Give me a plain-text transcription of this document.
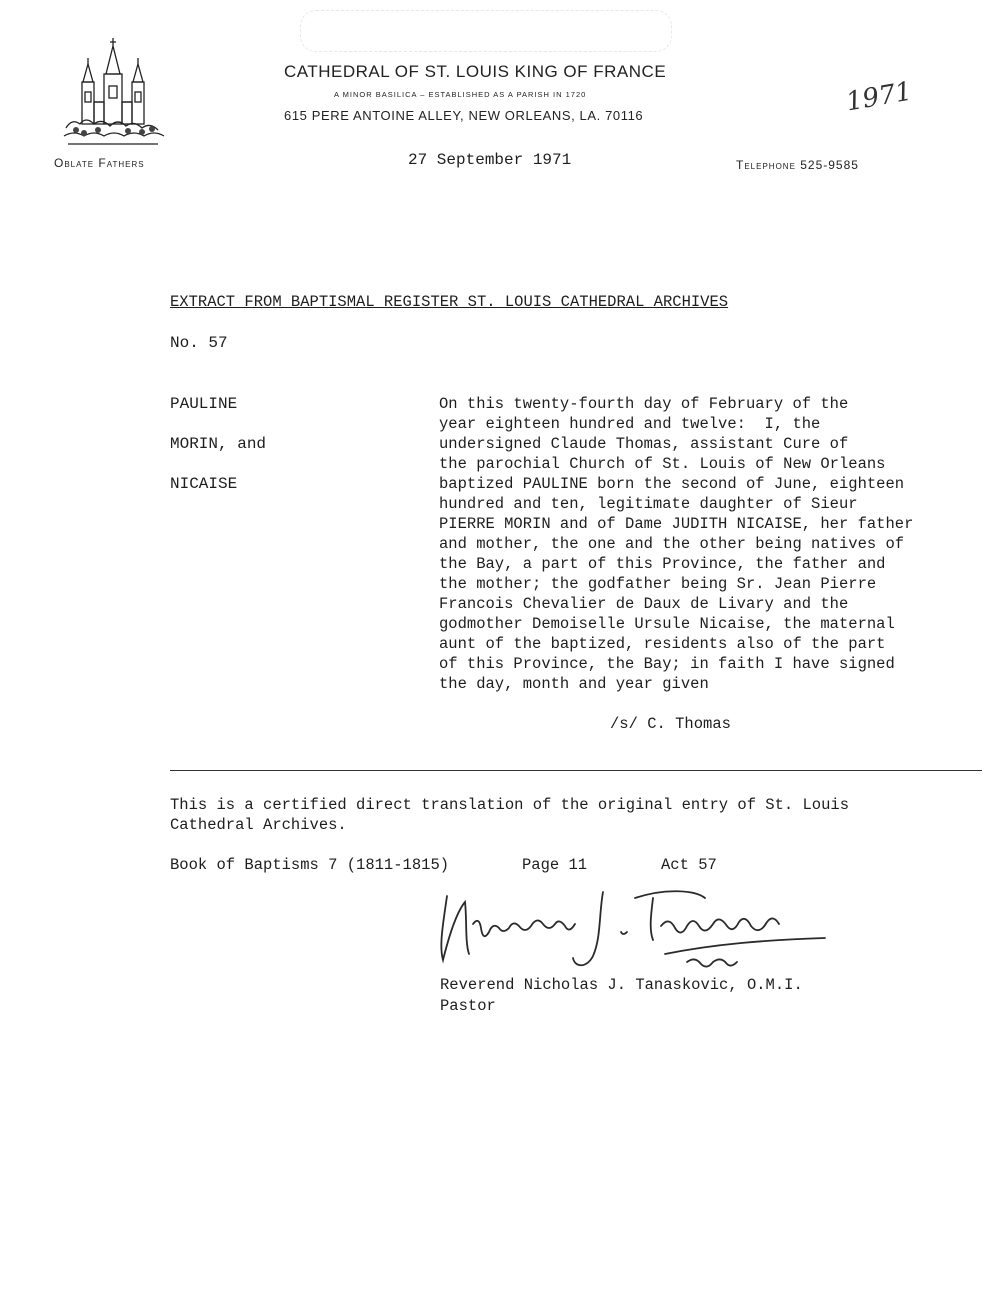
CATHEDRAL OF ST. LOUIS KING OF FRANCE
A MINOR BASILICA – ESTABLISHED AS A PARISH IN 1720
615 PERE ANTOINE ALLEY, NEW ORLEANS, LA. 70116
Oblate Fathers	Telephone 525-9585
1971
27 September 1971
EXTRACT FROM BAPTISMAL REGISTER ST. LOUIS CATHEDRAL ARCHIVES
No. 57
PAULINE
MORIN, and
NICAISE
On this twenty-fourth day of February of the
year eighteen hundred and twelve:  I, the
undersigned Claude Thomas, assistant Cure of
the parochial Church of St. Louis of New Orleans
baptized PAULINE born the second of June, eighteen
hundred and ten, legitimate daughter of Sieur
PIERRE MORIN and of Dame JUDITH NICAISE, her father
and mother, the one and the other being natives of
the Bay, a part of this Province, the father and
the mother; the godfather being Sr. Jean Pierre
Francois Chevalier de Daux de Livary and the
godmother Demoiselle Ursule Nicaise, the maternal
aunt of the baptized, residents also of the part
of this Province, the Bay; in faith I have signed
the day, month and year given
/s/ C. Thomas
This is a certified direct translation of the original entry of St. Louis
Cathedral Archives.
Book of Baptisms 7 (1811-1815)	Page 11	Act 57
Reverend Nicholas J. Tanaskovic, O.M.I.
Pastor
